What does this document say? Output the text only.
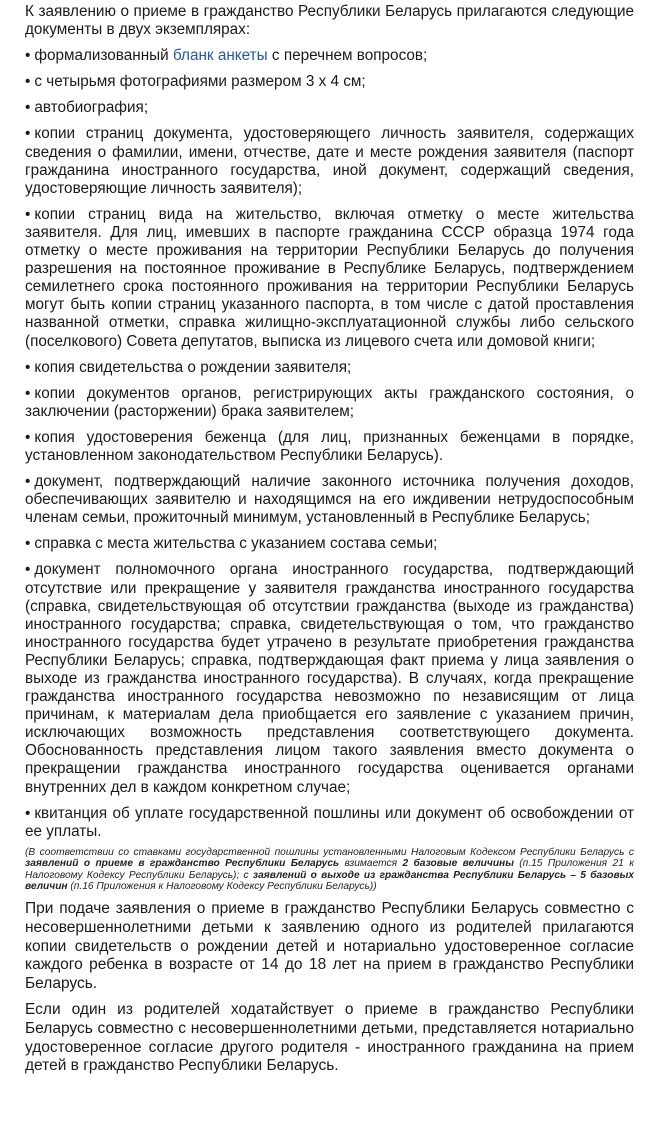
К заявлению о приеме в гражданство Республики Беларусь прилагаются следующие документы в двух экземплярах:

• формализованный бланк анкеты с перечнем вопросов;

• с четырьмя фотографиями размером 3 х 4 см;

• автобиография;

• копии страниц документа, удостоверяющего личность заявителя, содержащих сведения о фамилии, имени, отчестве, дате и месте рождения заявителя (паспорт гражданина иностранного государства, иной документ, содержащий сведения, удостоверяющие личность заявителя);

• копии страниц вида на жительство, включая отметку о месте жительства заявителя. Для лиц, имевших в паспорте гражданина СССР образца 1974 года отметку о месте проживания на территории Республики Беларусь до получения разрешения на постоянное проживание в Республике Беларусь, подтверждением семилетнего срока постоянного проживания на территории Республики Беларусь могут быть копии страниц указанного паспорта, в том числе с датой проставления названной отметки, справка жилищно-эксплуатационной службы либо сельского (поселкового) Совета депутатов, выписка из лицевого счета или домовой книги;

• копия свидетельства о рождении заявителя;

• копии документов органов, регистрирующих акты гражданского состояния, о заключении (расторжении) брака заявителем;

• копия удостоверения беженца (для лиц, признанных беженцами в порядке, установленном законодательством Республики Беларусь).

• документ, подтверждающий наличие законного источника получения доходов, обеспечивающих заявителю и находящимся на его иждивении нетрудоспособным членам семьи, прожиточный минимум, установленный в Республике Беларусь;

• справка с места жительства с указанием состава семьи;

• документ полномочного органа иностранного государства, подтверждающий отсутствие или прекращение у заявителя гражданства иностранного государства (справка, свидетельствующая об отсутствии гражданства (выходе из гражданства) иностранного государства; справка, свидетельствующая о том, что гражданство иностранного государства будет утрачено в результате приобретения гражданства Республики Беларусь; справка, подтверждающая факт приема у лица заявления о выходе из гражданства иностранного государства). В случаях, когда прекращение гражданства иностранного государства невозможно по независящим от лица причинам, к материалам дела приобщается его заявление с указанием причин, исключающих возможность представления соответствующего документа. Обоснованность представления лицом такого заявления вместо документа о прекращении гражданства иностранного государства оценивается органами внутренних дел в каждом конкретном случае;

• квитанция об уплате государственной пошлины или документ об освобождении от ее уплаты.

(В соответствии со ставками государственной пошлины установленными Налоговым Кодексом Республики Беларусь с заявлений о приеме в гражданство Республики Беларусь взимается 2 базовые величины (п.15 Приложения 21 к Налоговому Кодексу Республики Беларусь); с заявлений о выходе из гражданства Республики Беларусь – 5 базовых величин (п.16 Приложения к Налоговому Кодексу Республики Беларусь))

При подаче заявления о приеме в гражданство Республики Беларусь совместно с несовершеннолетними детьми к заявлению одного из родителей прилагаются копии свидетельств о рождении детей и нотариально удостоверенное согласие каждого ребенка в возрасте от 14 до 18 лет на прием в гражданство Республики Беларусь.

Если один из родителей ходатайствует о приеме в гражданство Республики Беларусь совместно с несовершеннолетними детьми, представляется нотариально удостоверенное согласие другого родителя - иностранного гражданина на прием детей в гражданство Республики Беларусь.
